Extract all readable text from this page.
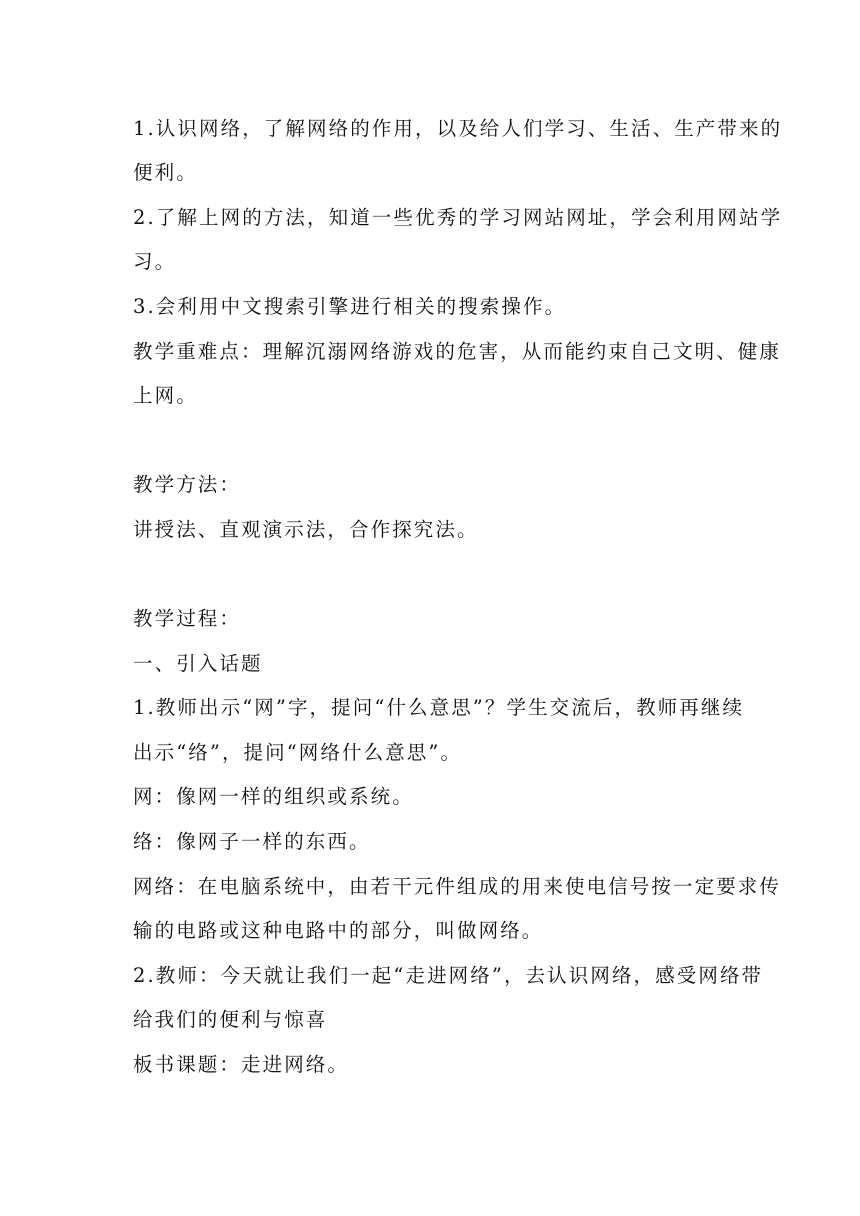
1.认识网络，了解网络的作用，以及给人们学习、生活、生产带来的
便利。
2.了解上网的方法，知道一些优秀的学习网站网址，学会利用网站学
习。
3.会利用中文搜索引擎进行相关的搜索操作。
教学重难点：理解沉溺网络游戏的危害，从而能约束自己文明、健康
上网。
教学方法：
讲授法、直观演示法，合作探究法。
教学过程：
一、引入话题
1.教师出示“网”字，提问“什么意思”？学生交流后，教师再继续
出示“络”，提问“网络什么意思”。
网：像网一样的组织或系统。
络：像网子一样的东西。
网络：在电脑系统中，由若干元件组成的用来使电信号按一定要求传
输的电路或这种电路中的部分，叫做网络。
2.教师：今天就让我们一起“走进网络”，去认识网络，感受网络带
给我们的便利与惊喜
板书课题：走进网络。
